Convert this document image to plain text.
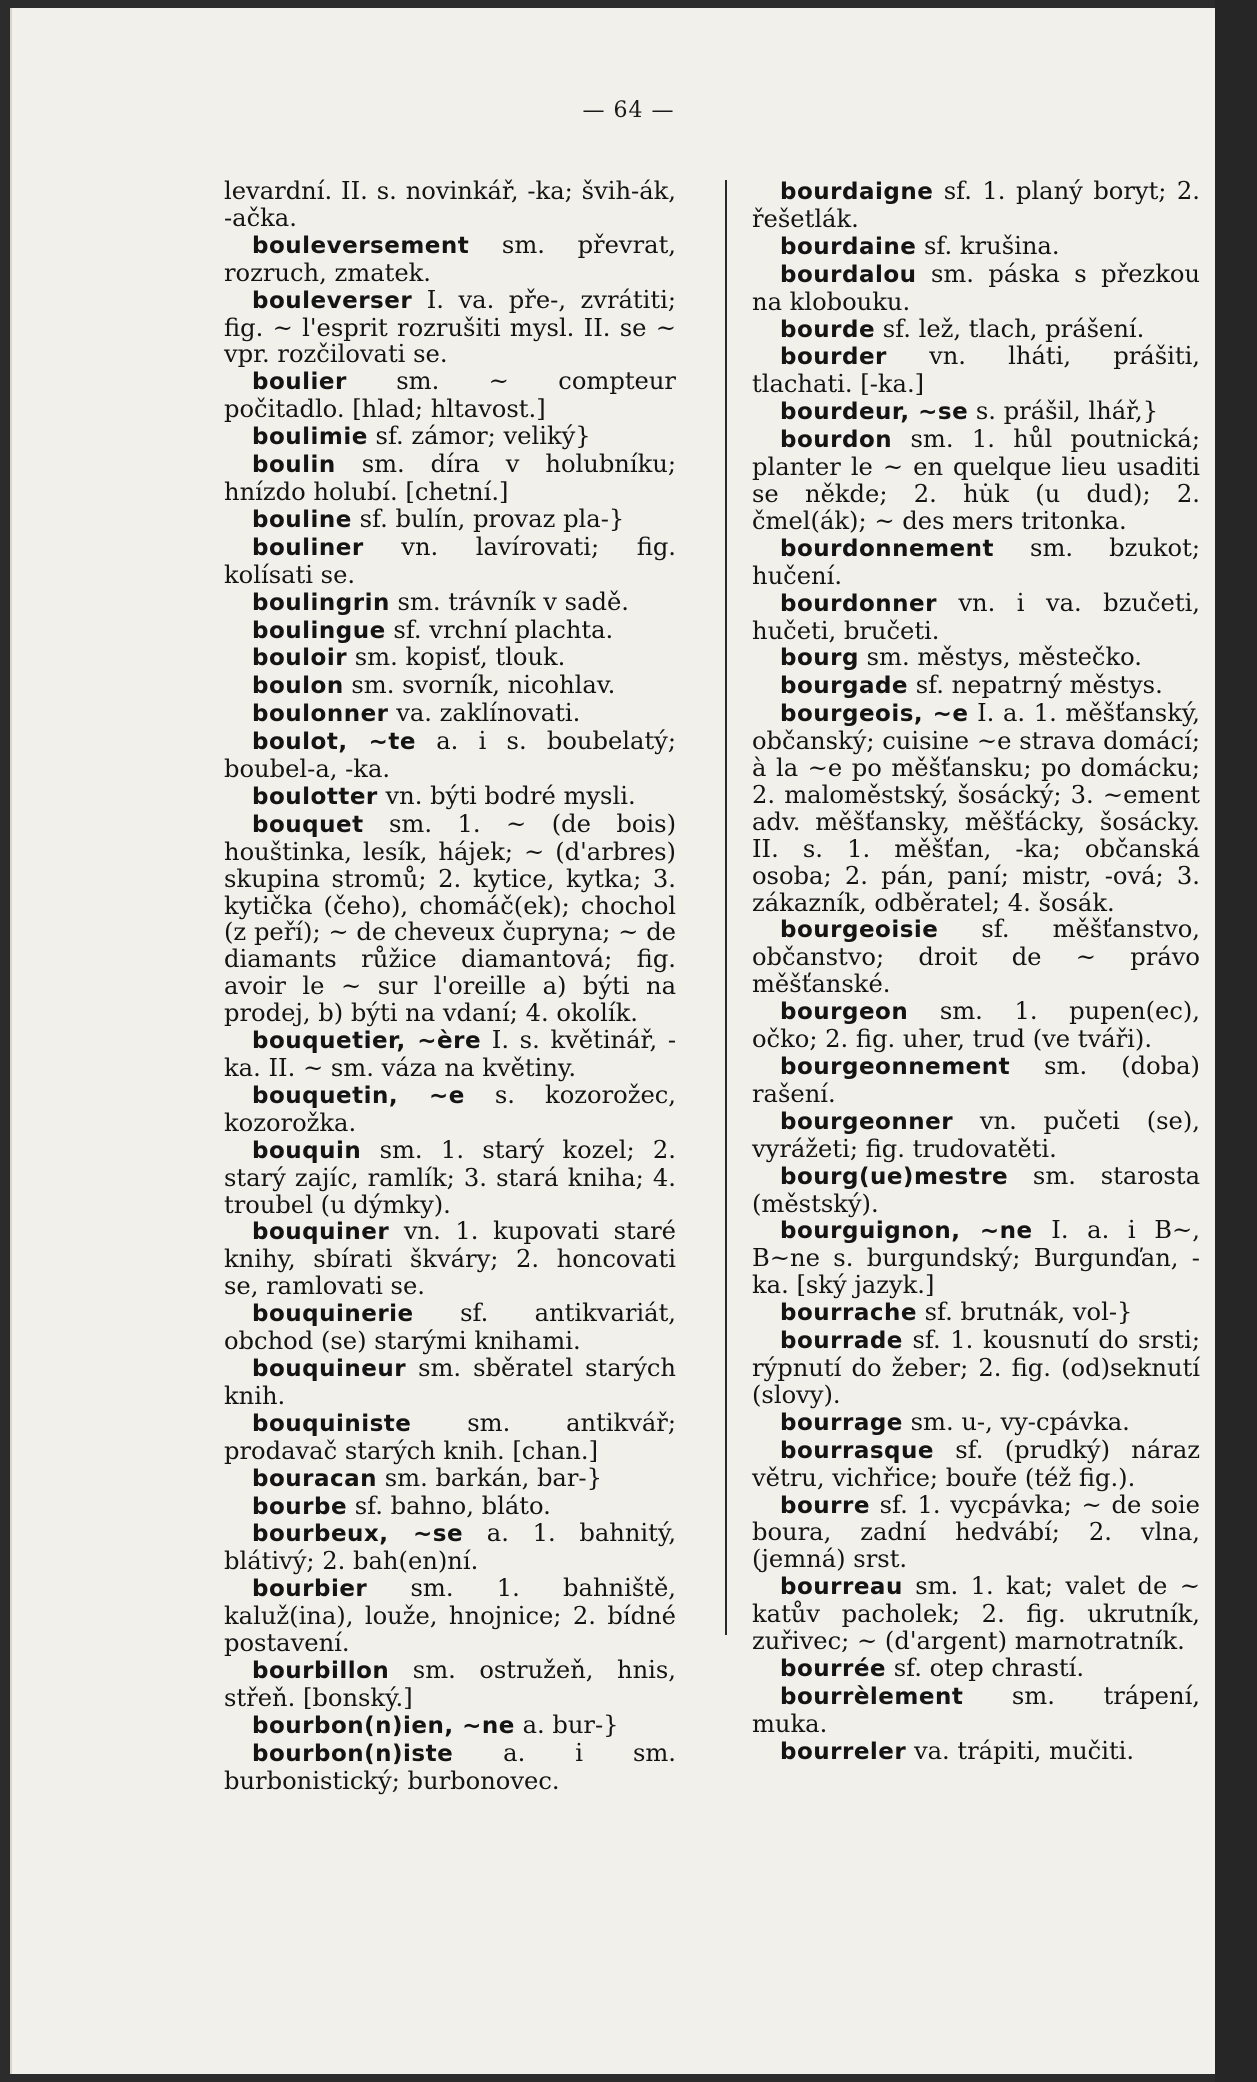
— 64 —

levardní. II. s. novinkář, -ka; švih-ák, -ačka.

bouleversement sm. převrat, rozruch, zmatek.

bouleverser I. va. pře-, zvrátiti; fig. ~ l'esprit rozrušiti mysl. II. se ~ vpr. rozčilovati se.

boulier sm. ~ compteur počitadlo. [hlad; hltavost.]

boulimie sf. zámor; veliký}

boulin sm. díra v holubníku; hnízdo holubí. [chetní.]

bouline sf. bulín, provaz pla-}

bouliner vn. lavírovati; fig. kolísati se.

boulingrin sm. trávník v sadě.

boulingue sf. vrchní plachta.

bouloir sm. kopisť, tlouk.

boulon sm. svorník, nicohlav.

boulonner va. zaklínovati.

boulot, ~te a. i s. boubelatý; boubel-a, -ka.

boulotter vn. býti bodré mysli.

bouquet sm. 1. ~ (de bois) houštinka, lesík, hájek; ~ (d'arbres) skupina stromů; 2. kytice, kytka; 3. kytička (čeho), chomáč(ek); chochol (z peří); ~ de cheveux čupryna; ~ de diamants růžice diamantová; fig. avoir le ~ sur l'oreille a) býti na prodej, b) býti na vdaní; 4. okolík.

bouquetier, ~ère I. s. květinář, -ka. II. ~ sm. váza na květiny.

bouquetin, ~e s. kozorožec, kozorožka.

bouquin sm. 1. starý kozel; 2. starý zajíc, ramlík; 3. stará kniha; 4. troubel (u dýmky).

bouquiner vn. 1. kupovati staré knihy, sbírati škváry; 2. honcovati se, ramlovati se.

bouquinerie sf. antikvariát, obchod (se) starými knihami.

bouquineur sm. sběratel starých knih.

bouquiniste sm. antikvář; prodavač starých knih. [chan.]

bouracan sm. barkán, bar-}

bourbe sf. bahno, bláto.

bourbeux, ~se a. 1. bahnitý, blátivý; 2. bah(en)ní.

bourbier sm. 1. bahniště, kaluž(ina), louže, hnojnice; 2. bídné postavení.

bourbillon sm. ostružeň, hnis, střeň. [bonský.]

bourbon(n)ien, ~ne a. bur-}

bourbon(n)iste a. i sm. burbonistický; burbonovec.

bourdaigne sf. 1. planý boryt; 2. řešetlák.

bourdaine sf. krušina.

bourdalou sm. páska s přezkou na klobouku.

bourde sf. lež, tlach, prášení.

bourder vn. lháti, prášiti, tlachati. [-ka.]

bourdeur, ~se s. prášil, lhář,}

bourdon sm. 1. hůl poutnická; planter le ~ en quelque lieu usaditi se někde; 2. hu̇k (u dud); 2. čmel(ák); ~ des mers tritonka.

bourdonnement sm. bzukot; hučení.

bourdonner vn. i va. bzučeti, hučeti, bručeti.

bourg sm. městys, městečko.

bourgade sf. nepatrný městys.

bourgeois, ~e I. a. 1. měšťanský, občanský; cuisine ~e strava domácí; à la ~e po měšťansku; po domácku; 2. maloměstský, šosácký; 3. ~ement adv. měšťansky, měšťácky, šosácky. II. s. 1. měšťan, -ka; občanská osoba; 2. pán, paní; mistr, -ová; 3. zákazník, odběratel; 4. šosák.

bourgeoisie sf. měšťanstvo, občanstvo; droit de ~ právo měšťanské.

bourgeon sm. 1. pupen(ec), očko; 2. fig. uher, trud (ve tváři).

bourgeonnement sm. (doba) rašení.

bourgeonner vn. pučeti (se), vyrážeti; fig. trudovatěti.

bourg(ue)mestre sm. starosta (městský).

bourguignon, ~ne I. a. i B~, B~ne s. burgundský; Burgunďan, -ka. [ský jazyk.]

bourrache sf. brutnák, vol-}

bourrade sf. 1. kousnutí do srsti; rýpnutí do žeber; 2. fig. (od)seknutí (slovy).

bourrage sm. u-, vy-cpávka.

bourrasque sf. (prudký) náraz větru, vichřice; bouře (též fig.).

bourre sf. 1. vycpávka; ~ de soie boura, zadní hedvábí; 2. vlna, (jemná) srst.

bourreau sm. 1. kat; valet de ~ katův pacholek; 2. fig. ukrutník, zuřivec; ~ (d'argent) marnotratník.

bourrée sf. otep chrastí.

bourrèlement sm. trápení, muka.

bourreler va. trápiti, mučiti.
